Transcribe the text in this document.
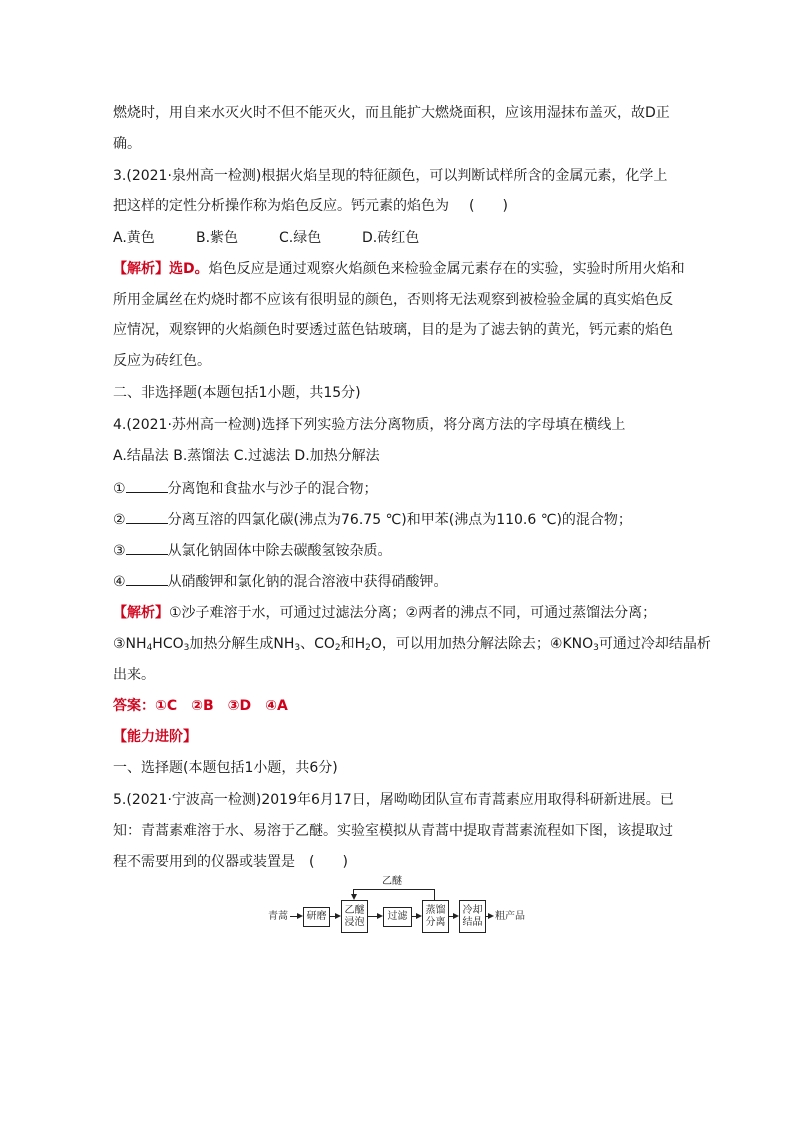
燃烧时，用自来水灭火时不但不能灭火，而且能扩大燃烧面积，应该用湿抹布盖灭，故D正
确。
3.(2021·泉州高一检测)根据火焰呈现的特征颜色，可以判断试样所含的金属元素，化学上
把这样的定性分析操作称为焰色反应。钙元素的焰色为 (　　)
A.黄色	B.紫色	C.绿色	D.砖红色
【解析】选D。焰色反应是通过观察火焰颜色来检验金属元素存在的实验，实验时所用火焰和
所用金属丝在灼烧时都不应该有很明显的颜色，否则将无法观察到被检验金属的真实焰色反
应情况，观察钾的火焰颜色时要透过蓝色钴玻璃，目的是为了滤去钠的黄光，钙元素的焰色
反应为砖红色。
二、非选择题(本题包括1小题，共15分)
4.(2021·苏州高一检测)选择下列实验方法分离物质，将分离方法的字母填在横线上
A.结晶法 B.蒸馏法 C.过滤法 D.加热分解法
①	分离饱和食盐水与沙子的混合物；
②	分离互溶的四氯化碳(沸点为76.75 ℃)和甲苯(沸点为110.6 ℃)的混合物；
③	从氯化钠固体中除去碳酸氢铵杂质。
④	从硝酸钾和氯化钠的混合溶液中获得硝酸钾。
【解析】①沙子难溶于水，可通过过滤法分离；②两者的沸点不同，可通过蒸馏法分离；
$③NH_4HCO_3$加热分解生成$NH_3$、$CO_2$和$H_2O$，可以用加热分解法除去；$④KNO_3$可通过冷却结晶析
出来。
答案：①C　②B　③D　④A
【能力进阶】
一、选择题(本题包括1小题，共6分)
5.(2021·宁波高一检测)2019年6月17日，屠呦呦团队宣布青蒿素应用取得科研新进展。已
知：青蒿素难溶于水、易溶于乙醚。实验室模拟从青蒿中提取青蒿素流程如下图，该提取过
程不需要用到的仪器或装置是 (　　)
青蒿 研磨
乙醚
浸泡 过滤
蒸馏
分离
冷却
结晶 粗产品
乙醚
